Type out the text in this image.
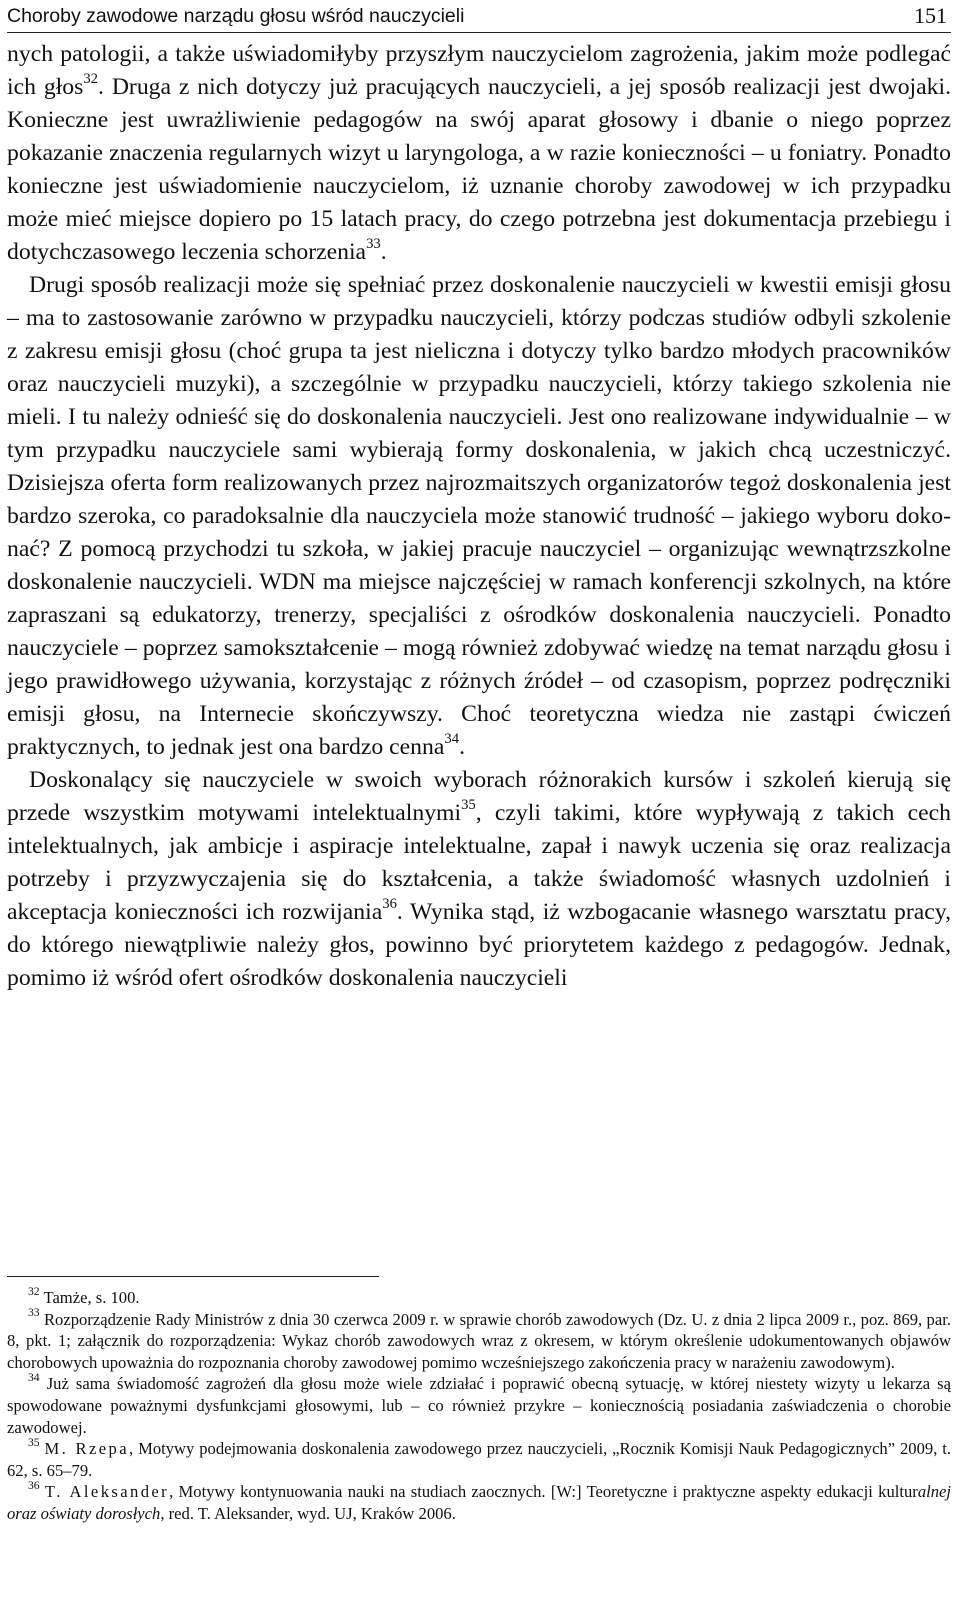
Choroby zawodowe narządu głosu wśród nauczycieli	151

nych patologii, a także uświadomiłyby przyszłym nauczycielom zagrożenia, jakim może podlegać ich głos$^{32}$. Druga z nich dotyczy już pracujących nauczycieli, a jej sposób realizacji jest dwojaki. Konieczne jest uwrażliwienie pedagogów na swój aparat głosowy i dbanie o niego poprzez pokazanie znaczenia regularnych wizyt u laryngologa, a w razie konieczności – u foniatry. Ponadto konieczne jest uświadomienie nauczycielom, iż uznanie choroby zawodowej w ich przypadku może mieć miejsce dopiero po 15 latach pracy, do czego potrzebna jest dokumentacja przebiegu i dotychczasowego leczenia schorzenia$^{33}$.

Drugi sposób realizacji może się spełniać przez doskonalenie nauczycieli w kwestii emisji głosu – ma to zastosowanie zarówno w przypadku nauczycieli, którzy podczas studiów odbyli szkolenie z zakresu emisji głosu (choć grupa ta jest nieliczna i dotyczy tylko bardzo młodych pracowników oraz nauczycieli muzyki), a szczególnie w przypadku nauczycieli, którzy takiego szkolenia nie mieli. I tu należy odnieść się do doskonalenia nauczycieli. Jest ono realizowane indywidualnie – w tym przypadku nauczyciele sami wybierają formy doskonalenia, w jakich chcą uczestniczyć. Dzisiejsza oferta form realizowanych przez najrozmaitszych organizatorów tegoż doskonalenia jest bardzo szeroka, co paradoksalnie dla nauczyciela może stanowić trudność – jakiego wyboru dokonać? Z pomocą przychodzi tu szkoła, w jakiej pracuje nauczyciel – organizując wewnątrzszkolne doskonalenie nauczycieli. WDN ma miejsce najczęściej w ramach konferencji szkolnych, na które zapraszani są edukatorzy, trenerzy, specjaliści z ośrodków doskonalenia nauczycieli. Ponadto nauczyciele – poprzez samokształcenie – mogą również zdobywać wiedzę na temat narządu głosu i jego prawidłowego używania, korzystając z różnych źródeł – od czasopism, poprzez podręczniki emisji głosu, na Internecie skończywszy. Choć teoretyczna wiedza nie zastąpi ćwiczeń praktycznych, to jednak jest ona bardzo cenna$^{34}$.

Doskonalący się nauczyciele w swoich wyborach różnorakich kursów i szkoleń kierują się przede wszystkim motywami intelektualnymi$^{35}$, czyli takimi, które wypływają z takich cech intelektualnych, jak ambicje i aspiracje intelektualne, zapał i nawyk uczenia się oraz realizacja potrzeby i przyzwyczajenia się do kształcenia, a także świadomość własnych uzdolnień i akceptacja konieczności ich rozwijania$^{36}$. Wynika stąd, iż wzbogacanie własnego warsztatu pracy, do którego niewątpliwie należy głos, powinno być priorytetem każdego z pedagogów. Jednak, pomimo iż wśród ofert ośrodków doskonalenia nauczycieli

$^{32}$ Tamże, s. 100.

$^{33}$ Rozporządzenie Rady Ministrów z dnia 30 czerwca 2009 r. w sprawie chorób zawodowych (Dz. U. z dnia 2 lipca 2009 r., poz. 869, par. 8, pkt. 1; załącznik do rozporządzenia: Wykaz chorób zawodowych wraz z okresem, w którym określenie udokumentowanych objawów chorobowych upoważnia do rozpoznania choroby zawodowej pomimo wcześniejszego zakończenia pracy w narażeniu zawodowym).

$^{34}$ Już sama świadomość zagrożeń dla głosu może wiele zdziałać i poprawić obecną sytuację, w której niestety wizyty u lekarza są spowodowane poważnymi dysfunkcjami głosowymi, lub – co również przykre – koniecznością posiadania zaświadczenia o chorobie zawodowej.

$^{35}$ M. Rzepa, Motywy podejmowania doskonalenia zawodowego przez nauczycieli, „Rocznik Komisji Nauk Pedagogicznych” 2009, t. 62, s. 65–79.

$^{36}$ T. Aleksander, Motywy kontynuowania nauki na studiach zaocznych. [W:] Teoretyczne i praktyczne aspekty edukacji kulturalnej oraz oświaty dorosłych, red. T. Aleksander, wyd. UJ, Kraków 2006.
